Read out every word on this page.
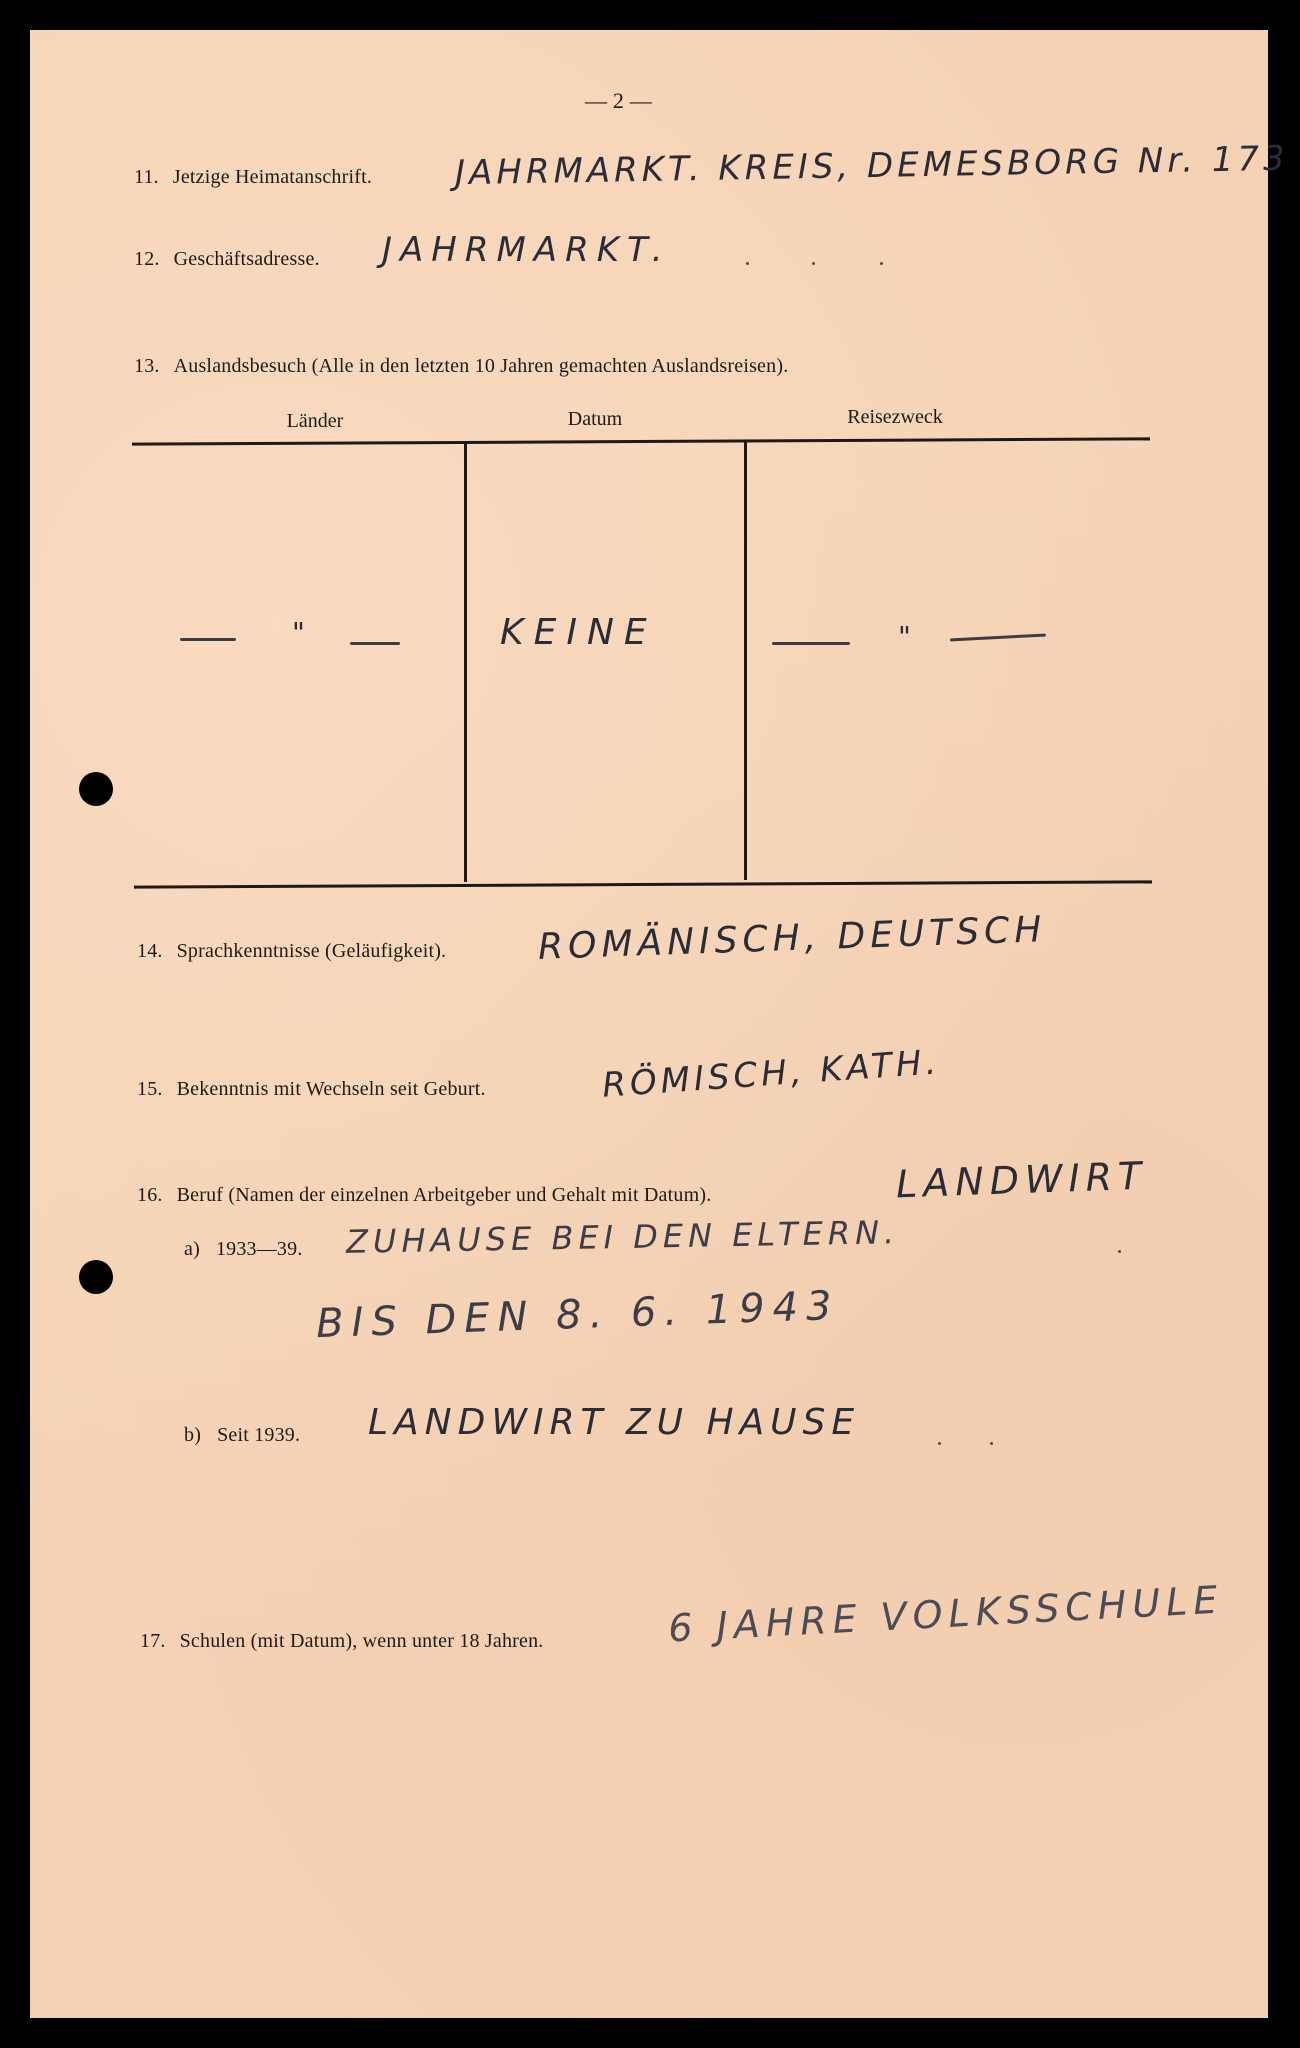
— 2 —
11. Jetzige Heimatanschrift. JAHRMARKT. KREIS, DEMESBORG Nr. 173
12. Geschäftsadresse. JAHRMARKT.
13. Auslandsbesuch (Alle in den letzten 10 Jahren gemachten Auslandsreisen).
Länder	Datum	Reisezweck
"	KEINE	"
14. Sprachkenntnisse (Geläufigkeit).	ROMÄNISCH, DEUTSCH
15. Bekenntnis mit Wechseln seit Geburt.	RÖMISCH, KATH.
16. Beruf (Namen der einzelnen Arbeitgeber und Gehalt mit Datum).	LANDWIRT
a) 1933—39. ZUHAUSE BEI DEN ELTERN.
BIS DEN 8. 6. 1943
b) Seit 1939. LANDWIRT ZU HAUSE
17. Schulen (mit Datum), wenn unter 18 Jahren.	6 JAHRE VOLKSSCHULE
